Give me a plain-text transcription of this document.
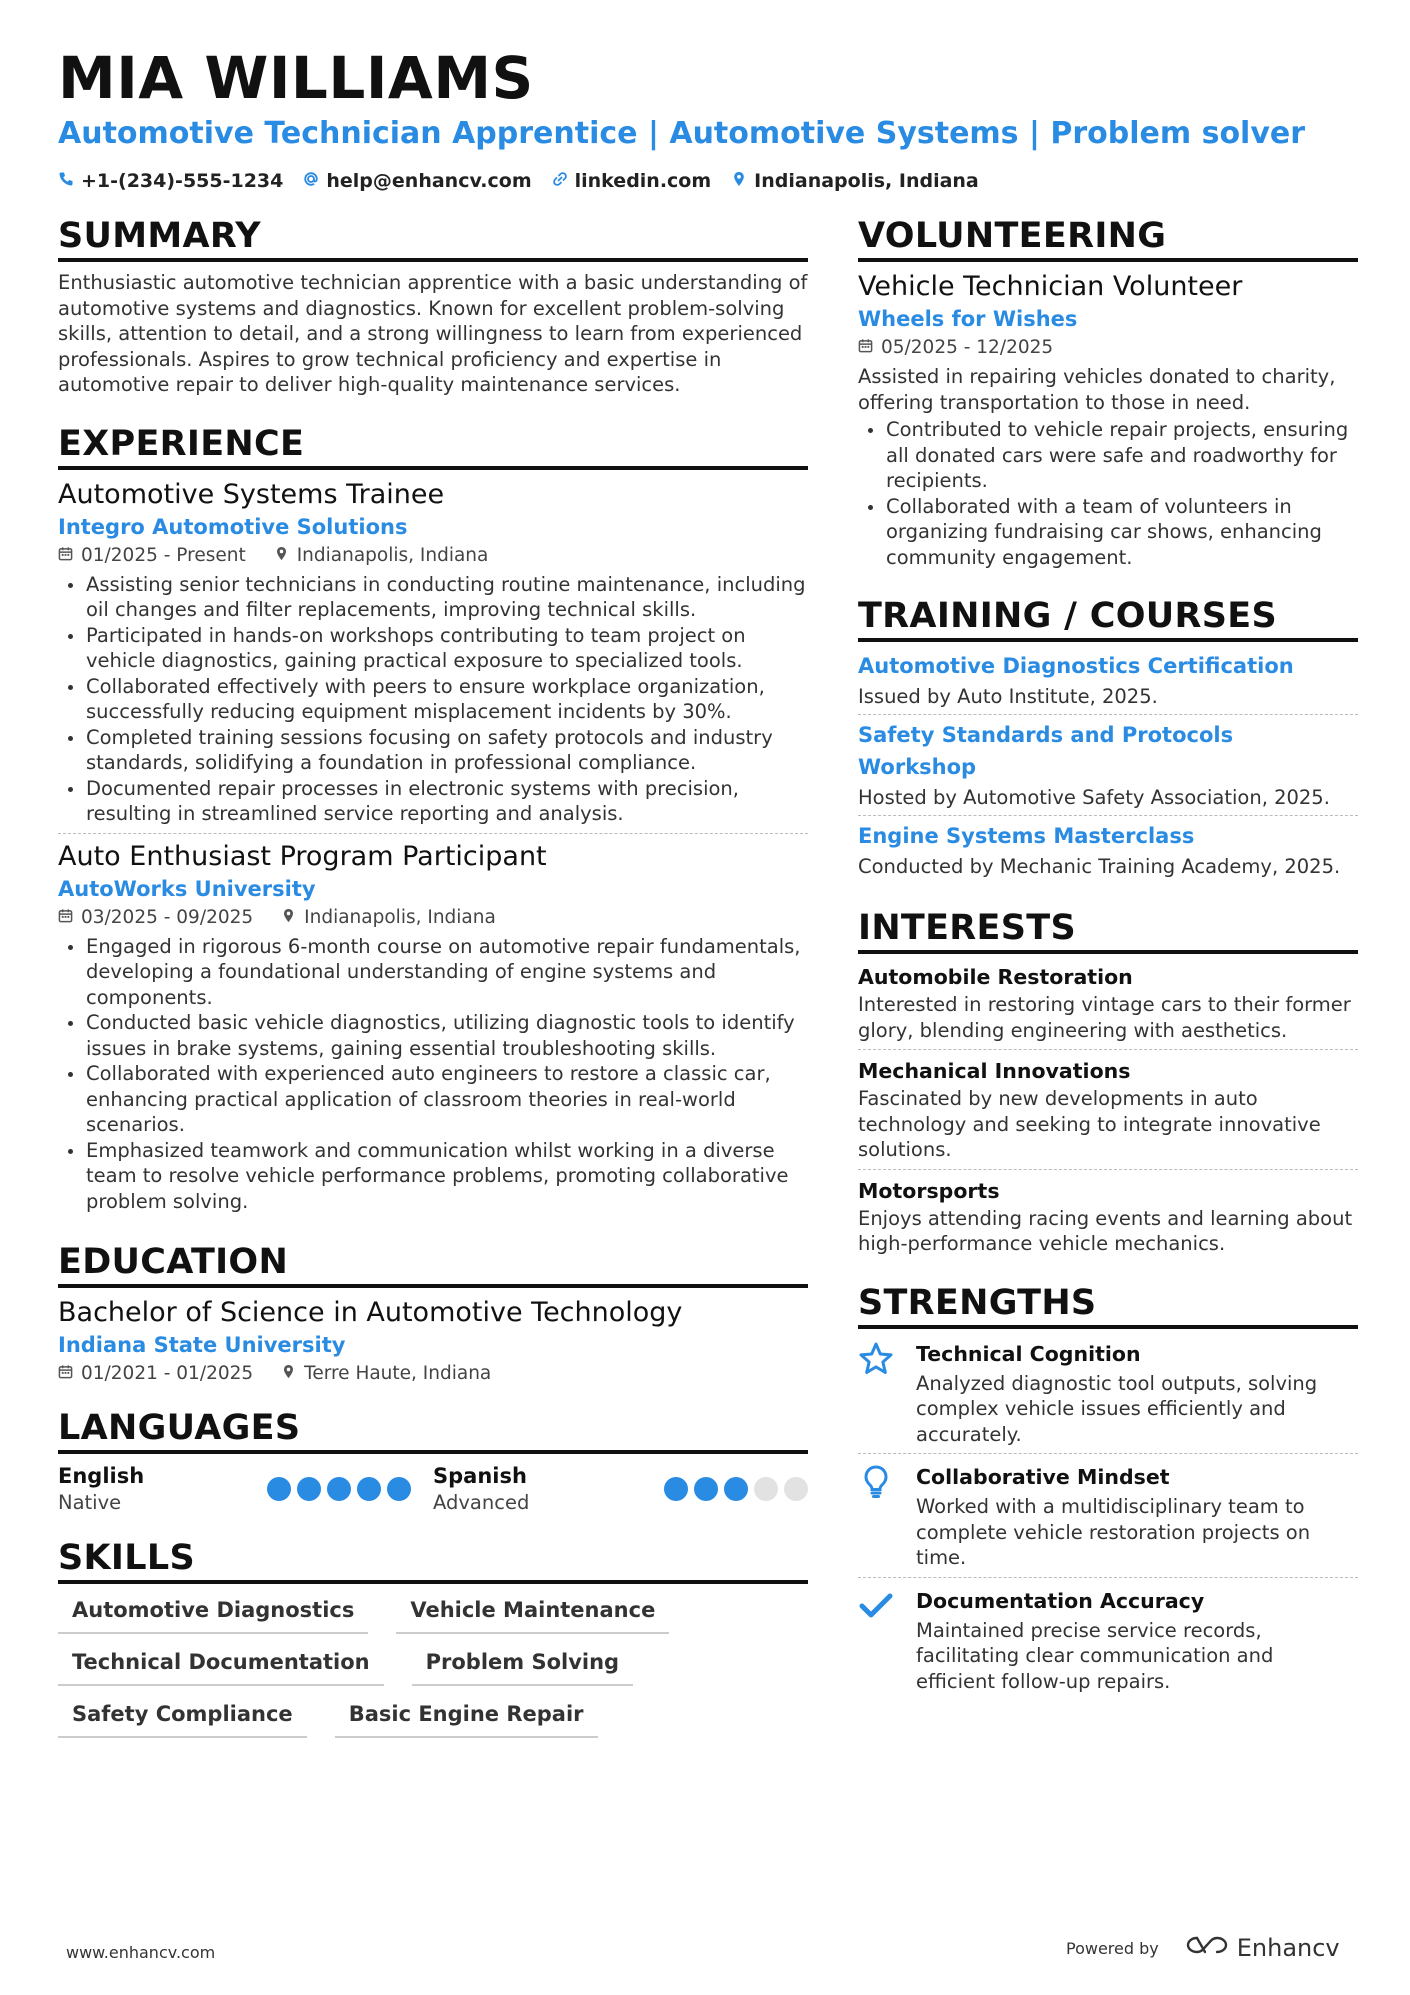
MIA WILLIAMS
Automotive Technician Apprentice | Automotive Systems | Problem solver
+1-(234)-555-1234 help@enhancv.com linkedin.com Indianapolis, Indiana
SUMMARY
Enthusiastic automotive technician apprentice with a basic understanding of automotive systems and diagnostics. Known for excellent problem-solving skills, attention to detail, and a strong willingness to learn from experienced professionals. Aspires to grow technical proficiency and expertise in automotive repair to deliver high-quality maintenance services.
EXPERIENCE
Automotive Systems Trainee
Integro Automotive Solutions
01/2025 - Present	Indianapolis, Indiana
Assisting senior technicians in conducting routine maintenance, including oil changes and filter replacements, improving technical skills.
Participated in hands-on workshops contributing to team project on vehicle diagnostics, gaining practical exposure to specialized tools.
Collaborated effectively with peers to ensure workplace organization, successfully reducing equipment misplacement incidents by 30%.
Completed training sessions focusing on safety protocols and industry standards, solidifying a foundation in professional compliance.
Documented repair processes in electronic systems with precision, resulting in streamlined service reporting and analysis.
Auto Enthusiast Program Participant
AutoWorks University
03/2025 - 09/2025	Indianapolis, Indiana
Engaged in rigorous 6-month course on automotive repair fundamentals, developing a foundational understanding of engine systems and components.
Conducted basic vehicle diagnostics, utilizing diagnostic tools to identify issues in brake systems, gaining essential troubleshooting skills.
Collaborated with experienced auto engineers to restore a classic car, enhancing practical application of classroom theories in real-world scenarios.
Emphasized teamwork and communication whilst working in a diverse team to resolve vehicle performance problems, promoting collaborative problem solving.
EDUCATION
Bachelor of Science in Automotive Technology
Indiana State University
01/2021 - 01/2025	Terre Haute, Indiana
LANGUAGES
English
Native
Spanish
Advanced
SKILLS
Automotive Diagnostics	Vehicle Maintenance
Technical Documentation	Problem Solving
Safety Compliance	Basic Engine Repair
VOLUNTEERING
Vehicle Technician Volunteer
Wheels for Wishes
05/2025 - 12/2025
Assisted in repairing vehicles donated to charity, offering transportation to those in need.
Contributed to vehicle repair projects, ensuring all donated cars were safe and roadworthy for recipients.
Collaborated with a team of volunteers in organizing fundraising car shows, enhancing community engagement.
TRAINING / COURSES
Automotive Diagnostics Certification
Issued by Auto Institute, 2025.
Safety Standards and Protocols Workshop
Hosted by Automotive Safety Association, 2025.
Engine Systems Masterclass
Conducted by Mechanic Training Academy, 2025.
INTERESTS
Automobile Restoration
Interested in restoring vintage cars to their former glory, blending engineering with aesthetics.
Mechanical Innovations
Fascinated by new developments in auto technology and seeking to integrate innovative solutions.
Motorsports
Enjoys attending racing events and learning about high-performance vehicle mechanics.
STRENGTHS
Technical Cognition
Analyzed diagnostic tool outputs, solving complex vehicle issues efficiently and accurately.
Collaborative Mindset
Worked with a multidisciplinary team to complete vehicle restoration projects on time.
Documentation Accuracy
Maintained precise service records, facilitating clear communication and efficient follow-up repairs.
www.enhancv.com	Powered by	Enhancv
